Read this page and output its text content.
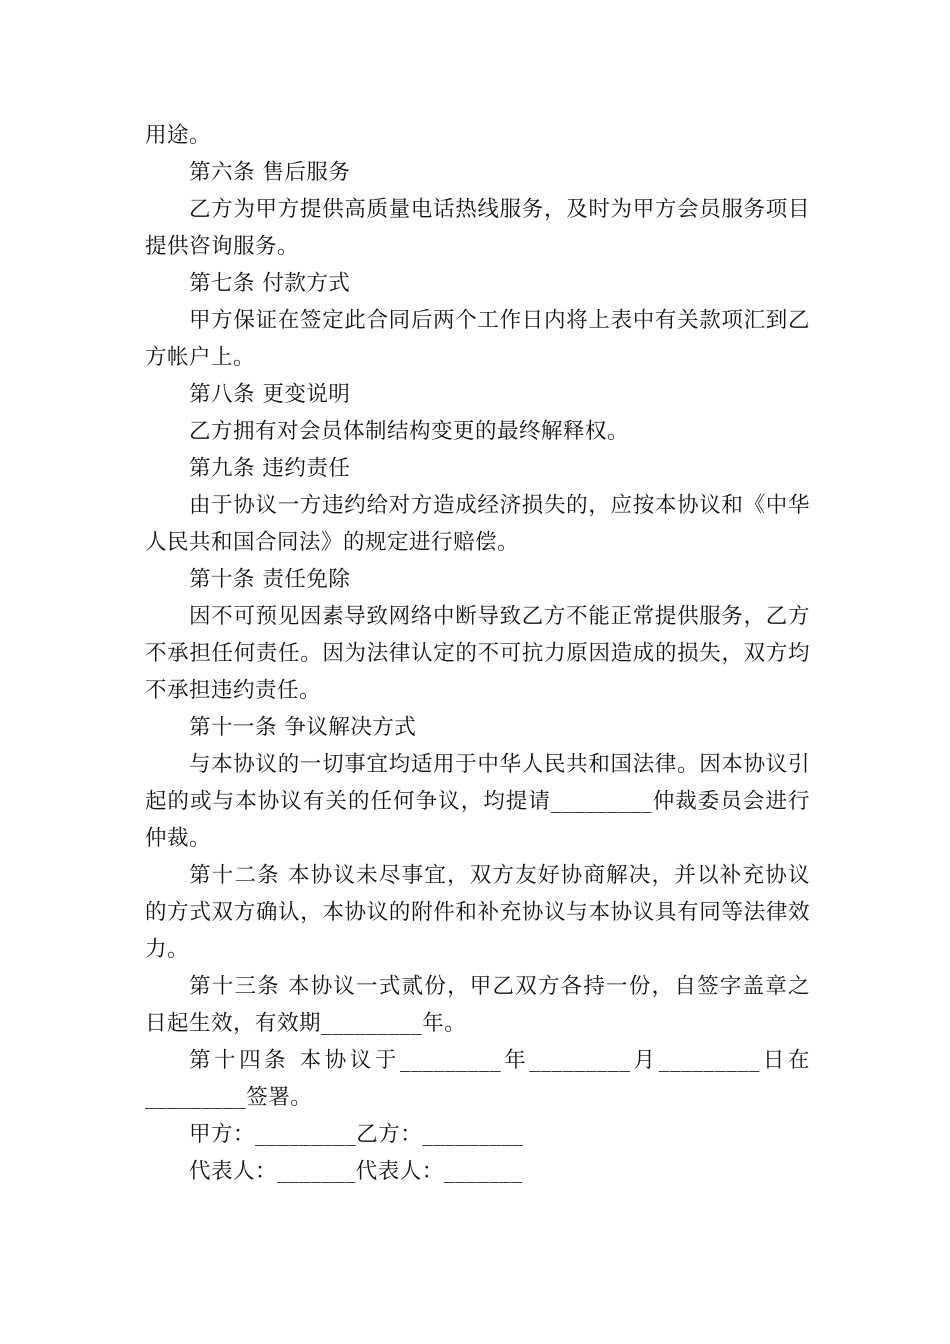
用途。

第六条 售后服务

乙方为甲方提供高质量电话热线服务，及时为甲方会员服务项目提供咨询服务。

第七条 付款方式

甲方保证在签定此合同后两个工作日内将上表中有关款项汇到乙方帐户上。

第八条 更变说明

乙方拥有对会员体制结构变更的最终解释权。

第九条 违约责任

由于协议一方违约给对方造成经济损失的，应按本协议和《中华人民共和国合同法》的规定进行赔偿。

第十条 责任免除

因不可预见因素导致网络中断导致乙方不能正常提供服务，乙方不承担任何责任。因为法律认定的不可抗力原因造成的损失，双方均不承担违约责任。

第十一条 争议解决方式

与本协议的一切事宜均适用于中华人民共和国法律。因本协议引起的或与本协议有关的任何争议，均提请_________仲裁委员会进行仲裁。

第十二条 本协议未尽事宜，双方友好协商解决，并以补充协议的方式双方确认，本协议的附件和补充协议与本协议具有同等法律效力。

第十三条 本协议一式贰份，甲乙双方各持一份，自签字盖章之日起生效，有效期_________年。

第十四条 本协议于_________年_________月_________日在_________签署。

甲方：_________乙方：_________

代表人：_______代表人：_______
